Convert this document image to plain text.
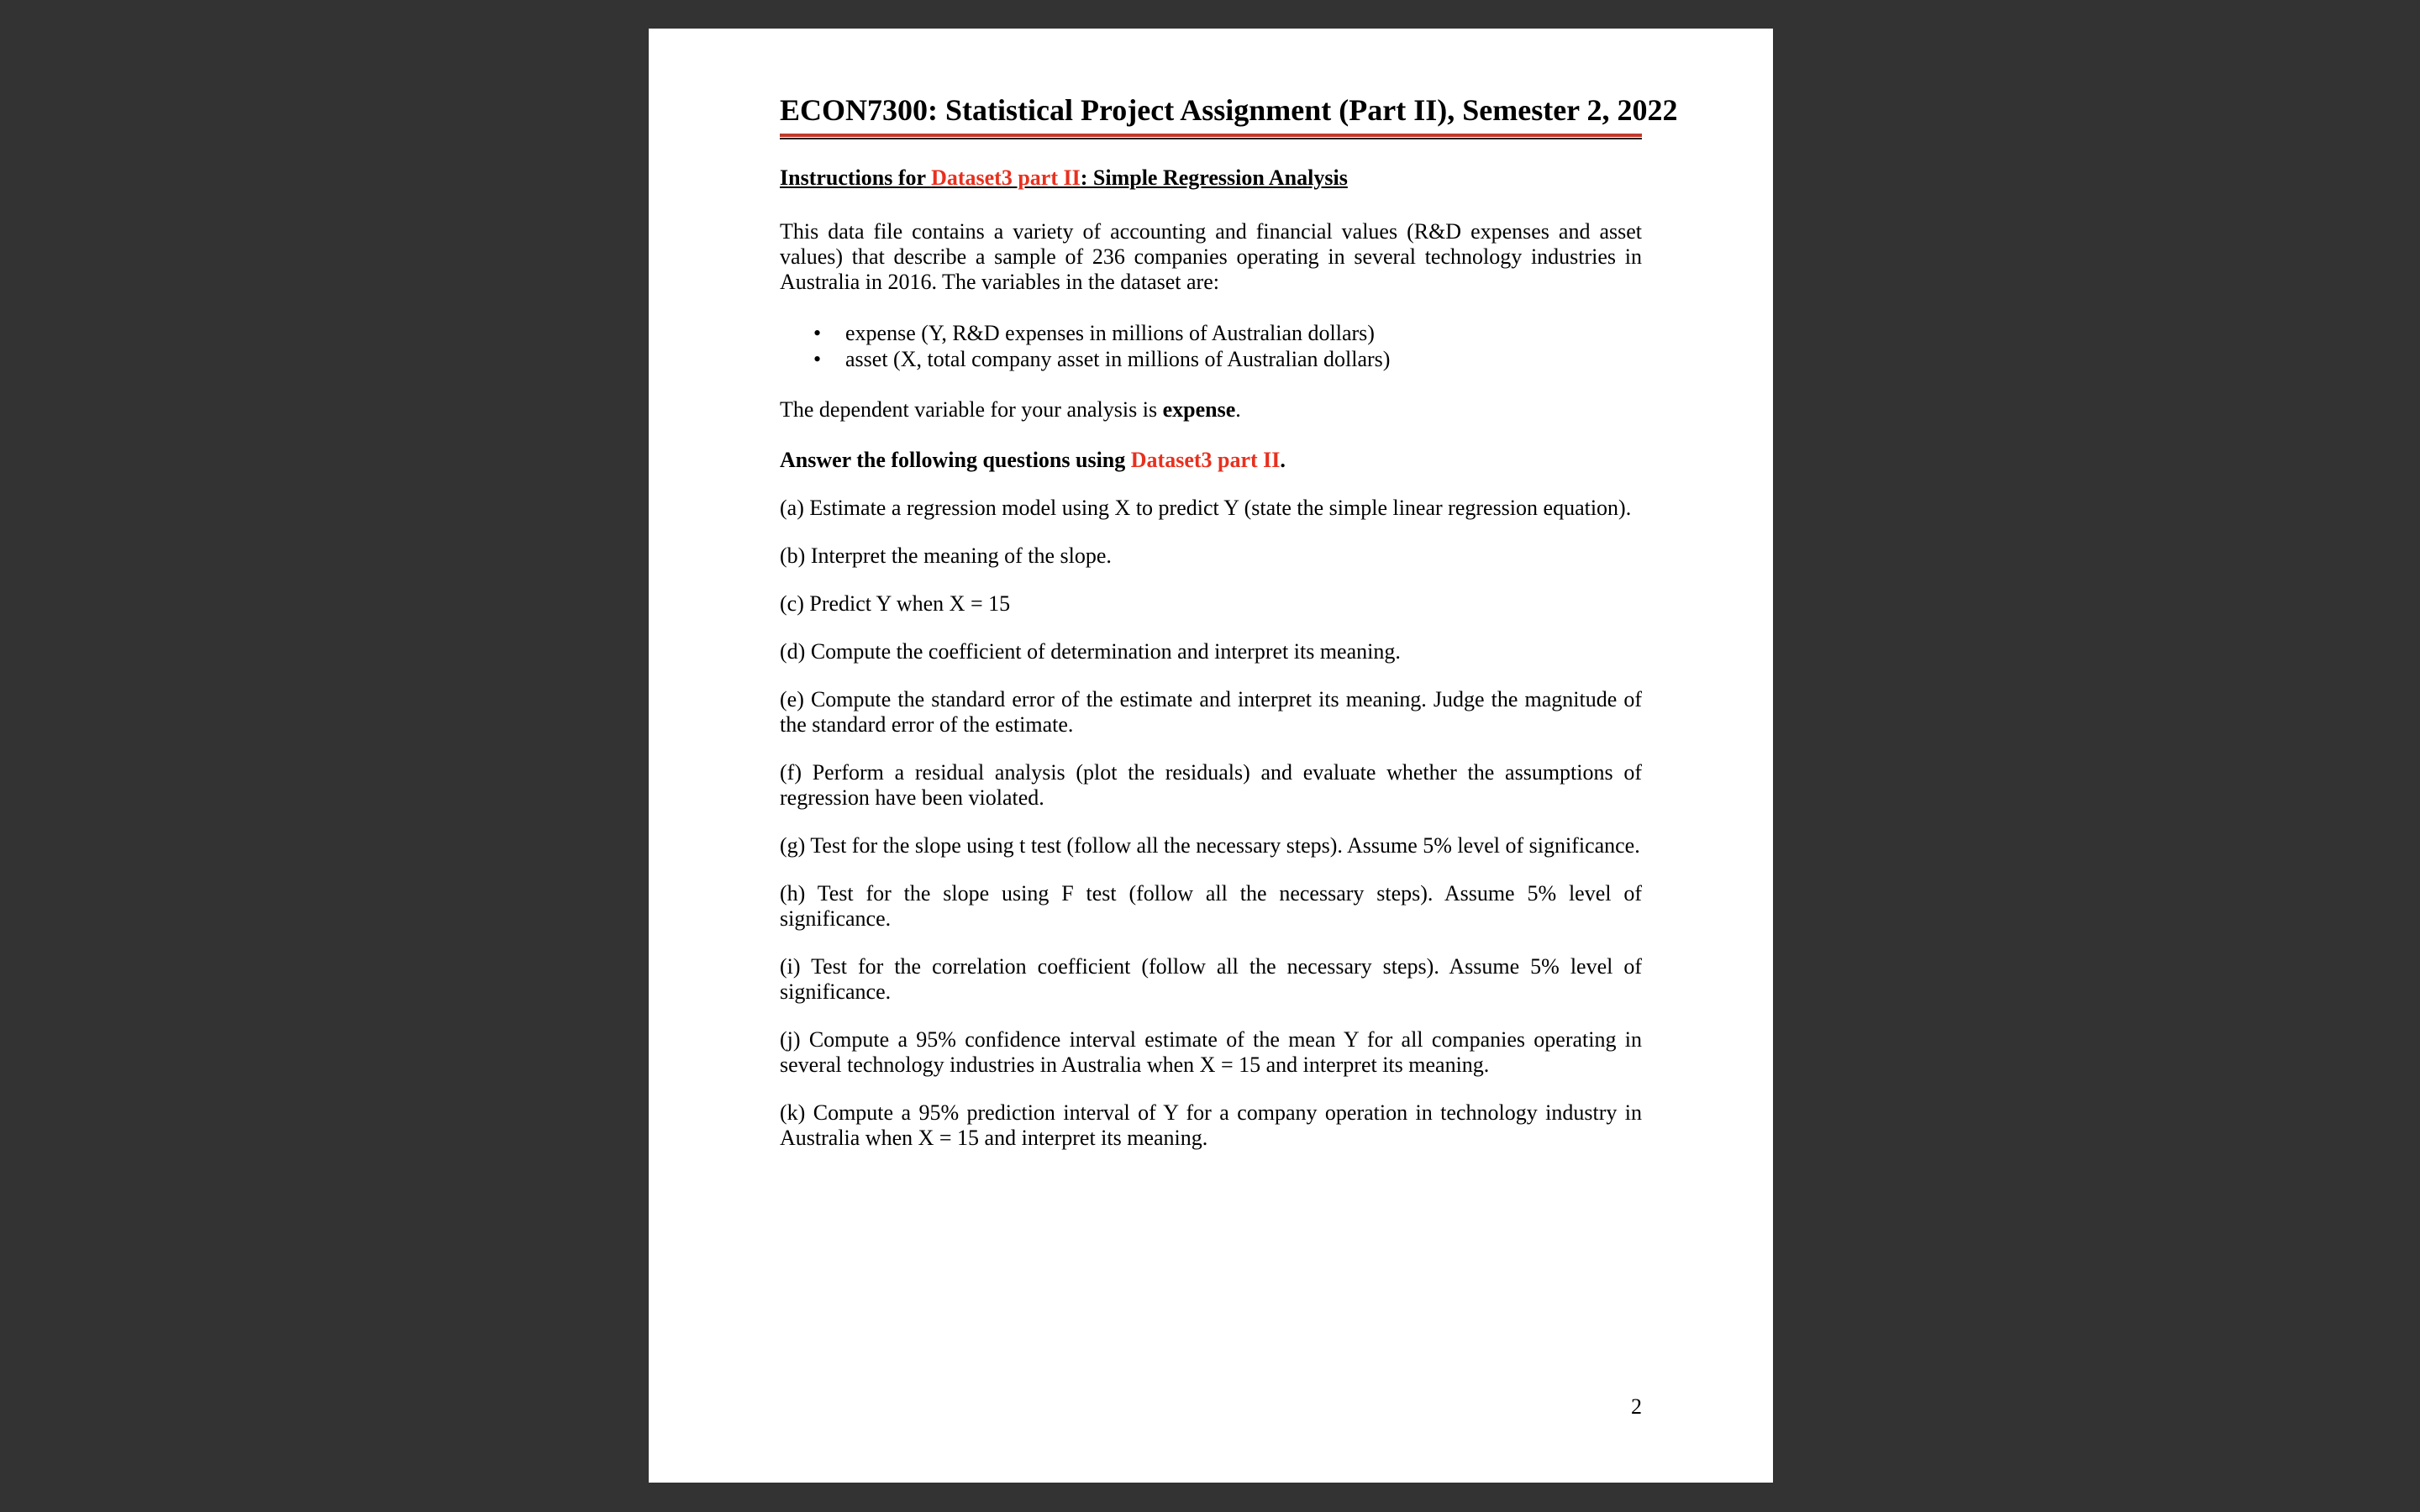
ECON7300: Statistical Project Assignment (Part II), Semester 2, 2022
Instructions for Dataset3 part II: Simple Regression Analysis

This data file contains a variety of accounting and financial values (R&D expenses and asset values) that describe a sample of 236 companies operating in several technology industries in Australia in 2016. The variables in the dataset are:

• expense (Y, R&D expenses in millions of Australian dollars)
• asset (X, total company asset in millions of Australian dollars)

The dependent variable for your analysis is expense.

Answer the following questions using Dataset3 part II.

(a) Estimate a regression model using X to predict Y (state the simple linear regression equation).

(b) Interpret the meaning of the slope.

(c) Predict Y when X = 15

(d) Compute the coefficient of determination and interpret its meaning.

(e) Compute the standard error of the estimate and interpret its meaning. Judge the magnitude of the standard error of the estimate.

(f) Perform a residual analysis (plot the residuals) and evaluate whether the assumptions of regression have been violated.

(g) Test for the slope using t test (follow all the necessary steps). Assume 5% level of significance.

(h) Test for the slope using F test (follow all the necessary steps). Assume 5% level of significance.

(i) Test for the correlation coefficient (follow all the necessary steps). Assume 5% level of significance.

(j) Compute a 95% confidence interval estimate of the mean Y for all companies operating in several technology industries in Australia when X = 15 and interpret its meaning.

(k) Compute a 95% prediction interval of Y for a company operation in technology industry in Australia when X = 15 and interpret its meaning.

2
